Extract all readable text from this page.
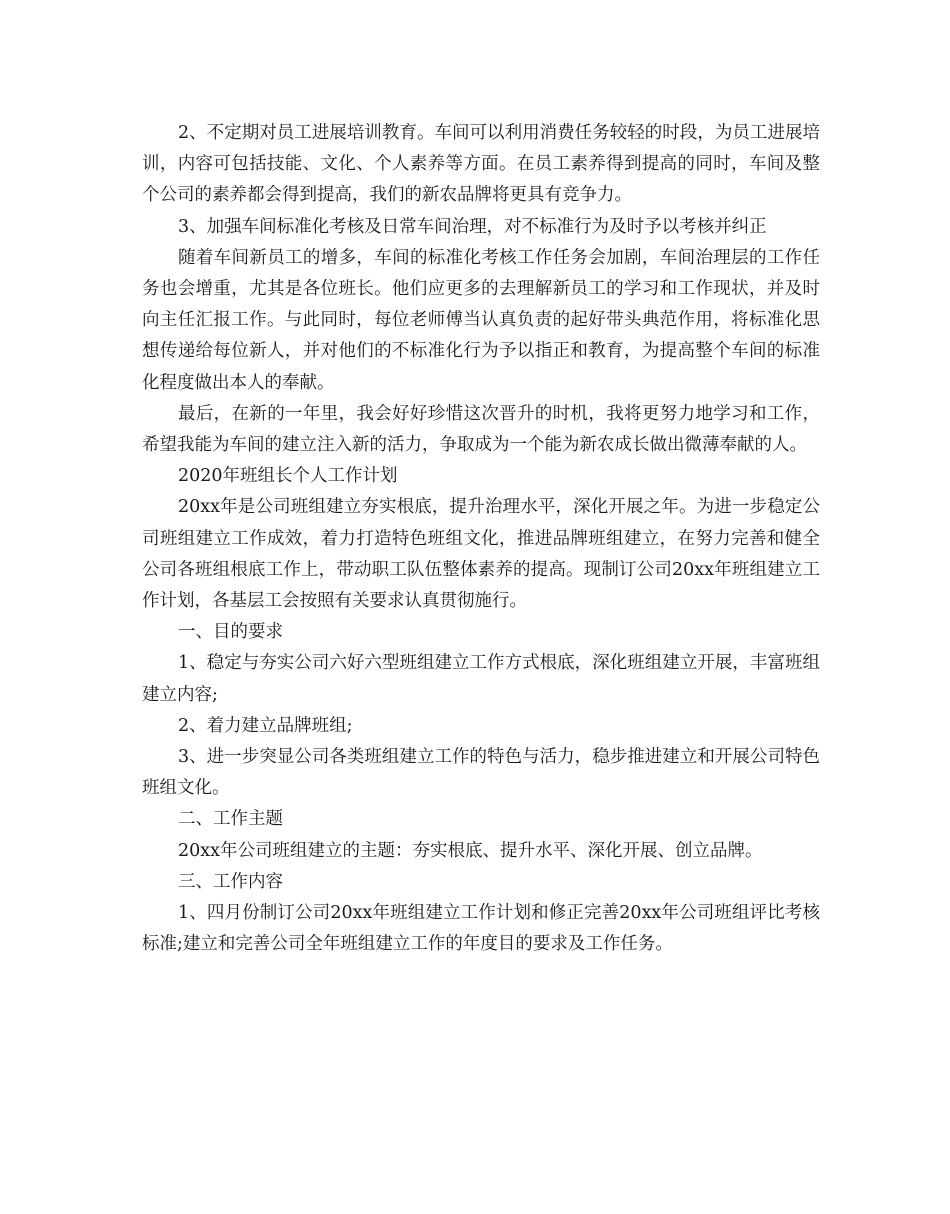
2、不定期对员工进展培训教育。车间可以利用消费任务较轻的时段，为员工进展培训，内容可包括技能、文化、个人素养等方面。在员工素养得到提高的同时，车间及整个公司的素养都会得到提高，我们的新农品牌将更具有竞争力。

3、加强车间标准化考核及日常车间治理，对不标准行为及时予以考核并纠正

随着车间新员工的增多，车间的标准化考核工作任务会加剧，车间治理层的工作任务也会增重，尤其是各位班长。他们应更多的去理解新员工的学习和工作现状，并及时向主任汇报工作。与此同时，每位老师傅当认真负责的起好带头典范作用，将标准化思想传递给每位新人，并对他们的不标准化行为予以指正和教育，为提高整个车间的标准化程度做出本人的奉献。

最后，在新的一年里，我会好好珍惜这次晋升的时机，我将更努力地学习和工作，希望我能为车间的建立注入新的活力，争取成为一个能为新农成长做出微薄奉献的人。

2020年班组长个人工作计划

20xx年是公司班组建立夯实根底，提升治理水平，深化开展之年。为进一步稳定公司班组建立工作成效，着力打造特色班组文化，推进品牌班组建立，在努力完善和健全公司各班组根底工作上，带动职工队伍整体素养的提高。现制订公司20xx年班组建立工作计划，各基层工会按照有关要求认真贯彻施行。

一、目的要求

1、稳定与夯实公司六好六型班组建立工作方式根底，深化班组建立开展，丰富班组建立内容;

2、着力建立品牌班组;

3、进一步突显公司各类班组建立工作的特色与活力，稳步推进建立和开展公司特色班组文化。

二、工作主题

20xx年公司班组建立的主题：夯实根底、提升水平、深化开展、创立品牌。

三、工作内容

1、四月份制订公司20xx年班组建立工作计划和修正完善20xx年公司班组评比考核标准;建立和完善公司全年班组建立工作的年度目的要求及工作任务。
